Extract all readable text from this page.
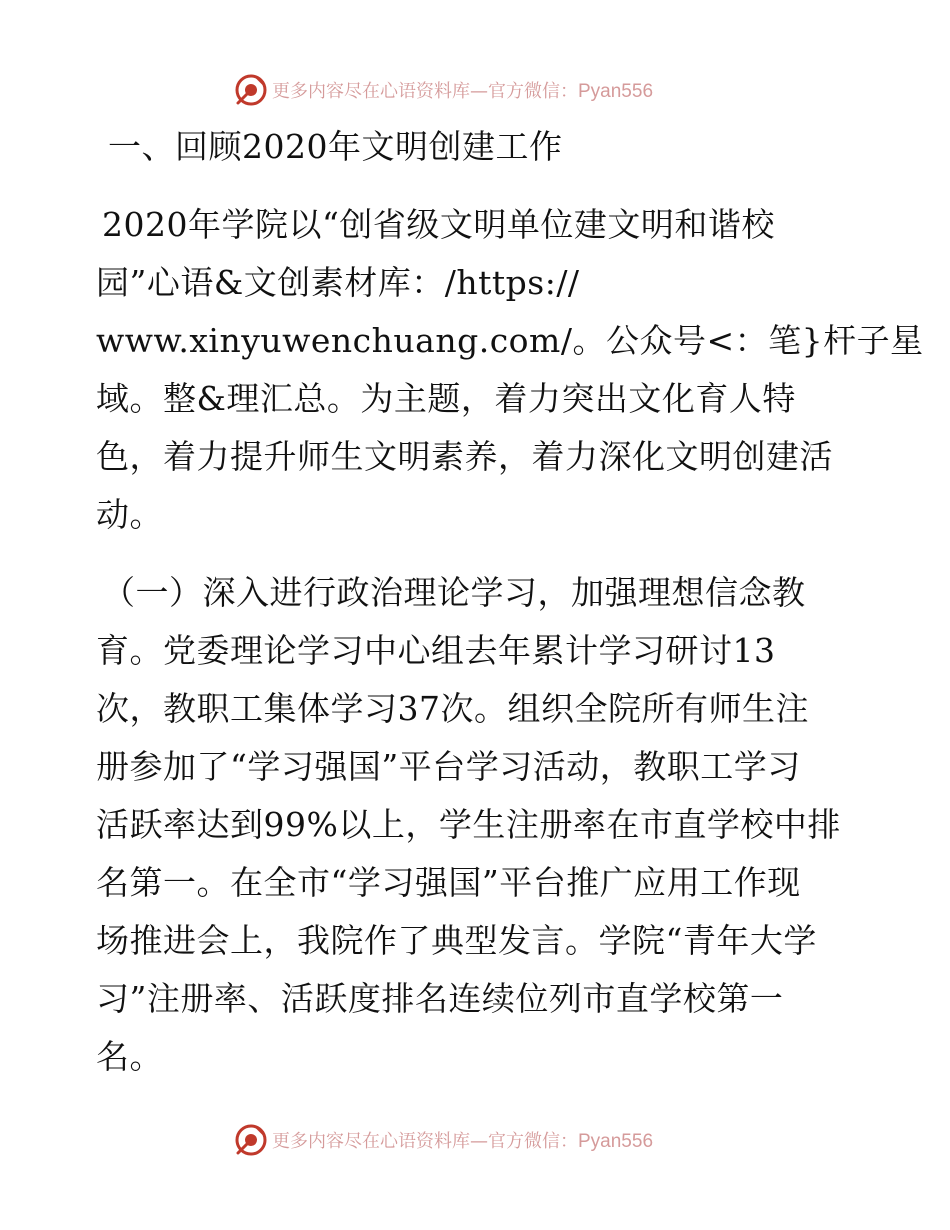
更多内容尽在心语资料库—官方微信：Pyan556
一、回顾2020年文明创建工作
2020年学院以“创省级文明单位建文明和谐校
园”心语&文创素材库：/https://
www.xinyuwenchuang.com/。公众号<：笔}杆子星
域。整&理汇总。为主题，着力突出文化育人特
色，着力提升师生文明素养，着力深化文明创建活
动。
（一）深入进行政治理论学习，加强理想信念教
育。党委理论学习中心组去年累计学习研讨13
次，教职工集体学习37次。组织全院所有师生注
册参加了“学习强国”平台学习活动，教职工学习
活跃率达到99%以上，学生注册率在市直学校中排
名第一。在全市“学习强国”平台推广应用工作现
场推进会上，我院作了典型发言。学院“青年大学
习”注册率、活跃度排名连续位列市直学校第一
名。
更多内容尽在心语资料库—官方微信：Pyan556
